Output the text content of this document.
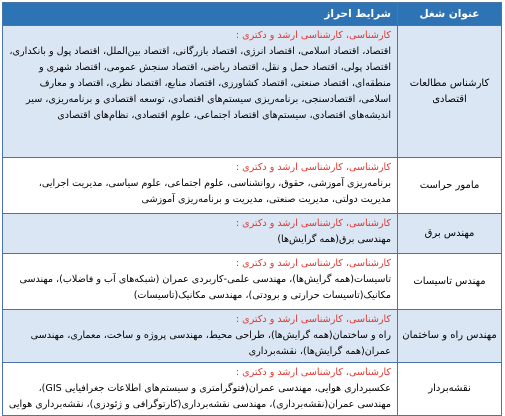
عنوان شغل	شرایط احراز
کارشناس مطالعات اقتصادی	کارشناسی، کارشناسی ارشد و دکتری :
اقتصاد، اقتصاد اسلامی، اقتصاد انرژی، اقتصاد بازرگانی، اقتصاد بین‌الملل، اقتصاد پول و بانکداری، اقتصاد پولی، اقتصاد حمل و نقل، اقتصاد ریاضی، اقتصاد سنجش عمومی، اقتصاد شهری و منطقه‌ای، اقتصاد صنعتی، اقتصاد کشاورزی، اقتصاد منابع، اقتصاد نظری، اقتصاد و معارف اسلامی، اقتصادسنجی، برنامه‌ریزی سیستم‌های اقتصادی، توسعه اقتصادی و برنامه‌ریزی، سیر اندیشه‌های اقتصادی، سیستم‌های اقتصاد اجتماعی، علوم اقتصادی، نظام‌های اقتصادی

مامور حراست	کارشناسی، کارشناسی ارشد و دکتری :
برنامه‌ریزی آموزشی، حقوق، روانشناسی، علوم اجتماعی، علوم سیاسی، مدیریت اجرایی، مدیریت دولتی، مدیریت صنعتی، مدیریت و برنامه‌ریزی آموزشی

مهندس برق	کارشناسی، کارشناسی ارشد و دکتری :
مهندسی برق(همه گرایش‌ها)

مهندس تاسیسات	کارشناسی، کارشناسی ارشد و دکتری :
تاسیسات(همه گرایش‌ها)، مهندسی علمی-کاربردی عمران (شبکه‌های آب و فاضلاب)، مهندسی مکانیک(تاسیسات حرارتی و برودتی)، مهندسی مکانیک(تاسیسات)

مهندس راه و ساختمان	کارشناسی، کارشناسی ارشد و دکتری :
راه و ساختمان(همه گرایش‌ها)، طراحی محیط، مهندسی پروژه و ساخت، معماری، مهندسی عمران(همه گرایش‌ها)، نقشه‌برداری

نقشه‌بردار	کارشناسی، کارشناسی ارشد و دکتری :
عکسبرداری هوایی، مهندسی عمران(فتوگرامتری و سیستم‌های اطلاعات جغرافیایی GIS)، مهندسی عمران(نقشه‌برداری)، مهندسی نقشه‌برداری(کارتوگرافی و ژئودزی)، نقشه‌برداری هوایی
